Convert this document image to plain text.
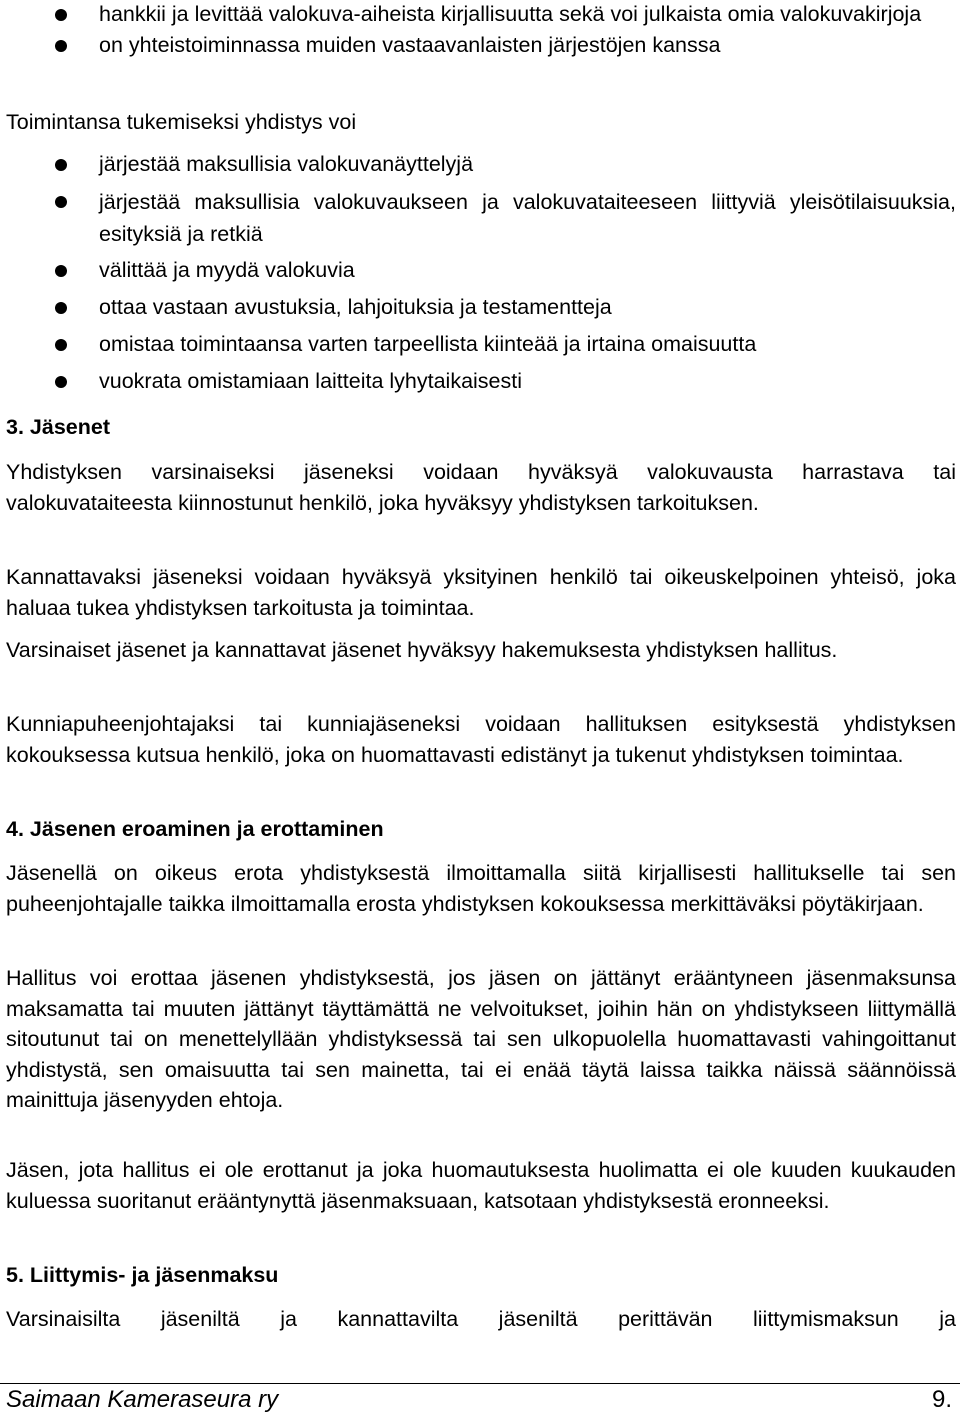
hankkii ja levittää valokuva-aiheista kirjallisuutta sekä voi julkaista omia valokuvakirjoja
on yhteistoiminnassa muiden vastaavanlaisten järjestöjen kanssa

Toimintansa tukemiseksi yhdistys voi

järjestää maksullisia valokuvanäyttelyjä
järjestää maksullisia valokuvaukseen ja valokuvataiteeseen liittyviä yleisötilaisuuksia, esityksiä ja retkiä
välittää ja myydä valokuvia
ottaa vastaan avustuksia, lahjoituksia ja testamentteja
omistaa toimintaansa varten tarpeellista kiinteää ja irtaina omaisuutta
vuokrata omistamiaan laitteita lyhytaikaisesti
3. Jäsenet

Yhdistyksen varsinaiseksi jäseneksi voidaan hyväksyä valokuvausta harrastava tai valokuvataiteesta kiinnostunut henkilö, joka hyväksyy yhdistyksen tarkoituksen.

Kannattavaksi jäseneksi voidaan hyväksyä yksityinen henkilö tai oikeuskelpoinen yhteisö, joka haluaa tukea yhdistyksen tarkoitusta ja toimintaa.

Varsinaiset jäsenet ja kannattavat jäsenet hyväksyy hakemuksesta yhdistyksen hallitus.

Kunniapuheenjohtajaksi tai kunniajäseneksi voidaan hallituksen esityksestä yhdistyksen kokouksessa kutsua henkilö, joka on huomattavasti edistänyt ja tukenut yhdistyksen toimintaa.

4. Jäsenen eroaminen ja erottaminen

Jäsenellä on oikeus erota yhdistyksestä ilmoittamalla siitä kirjallisesti hallitukselle tai sen puheenjohtajalle taikka ilmoittamalla erosta yhdistyksen kokouksessa merkittäväksi pöytäkirjaan.

Hallitus voi erottaa jäsenen yhdistyksestä, jos jäsen on jättänyt erääntyneen jäsenmaksunsa maksamatta tai muuten jättänyt täyttämättä ne velvoitukset, joihin hän on yhdistykseen liittymällä sitoutunut tai on menettelyllään yhdistyksessä tai sen ulkopuolella huomattavasti vahingoittanut yhdistystä, sen omaisuutta tai sen mainetta, tai ei enää täytä laissa taikka näissä säännöissä mainittuja jäsenyyden ehtoja.

Jäsen, jota hallitus ei ole erottanut ja joka huomautuksesta huolimatta ei ole kuuden kuukauden kuluessa suoritanut erääntynyttä jäsenmaksuaan, katsotaan yhdistyksestä eronneeksi.

5. Liittymis- ja jäsenmaksu

Varsinaisilta jäseniltä ja kannattavilta jäseniltä perittävän liittymismaksun ja

Saimaan Kameraseura ry	9.
